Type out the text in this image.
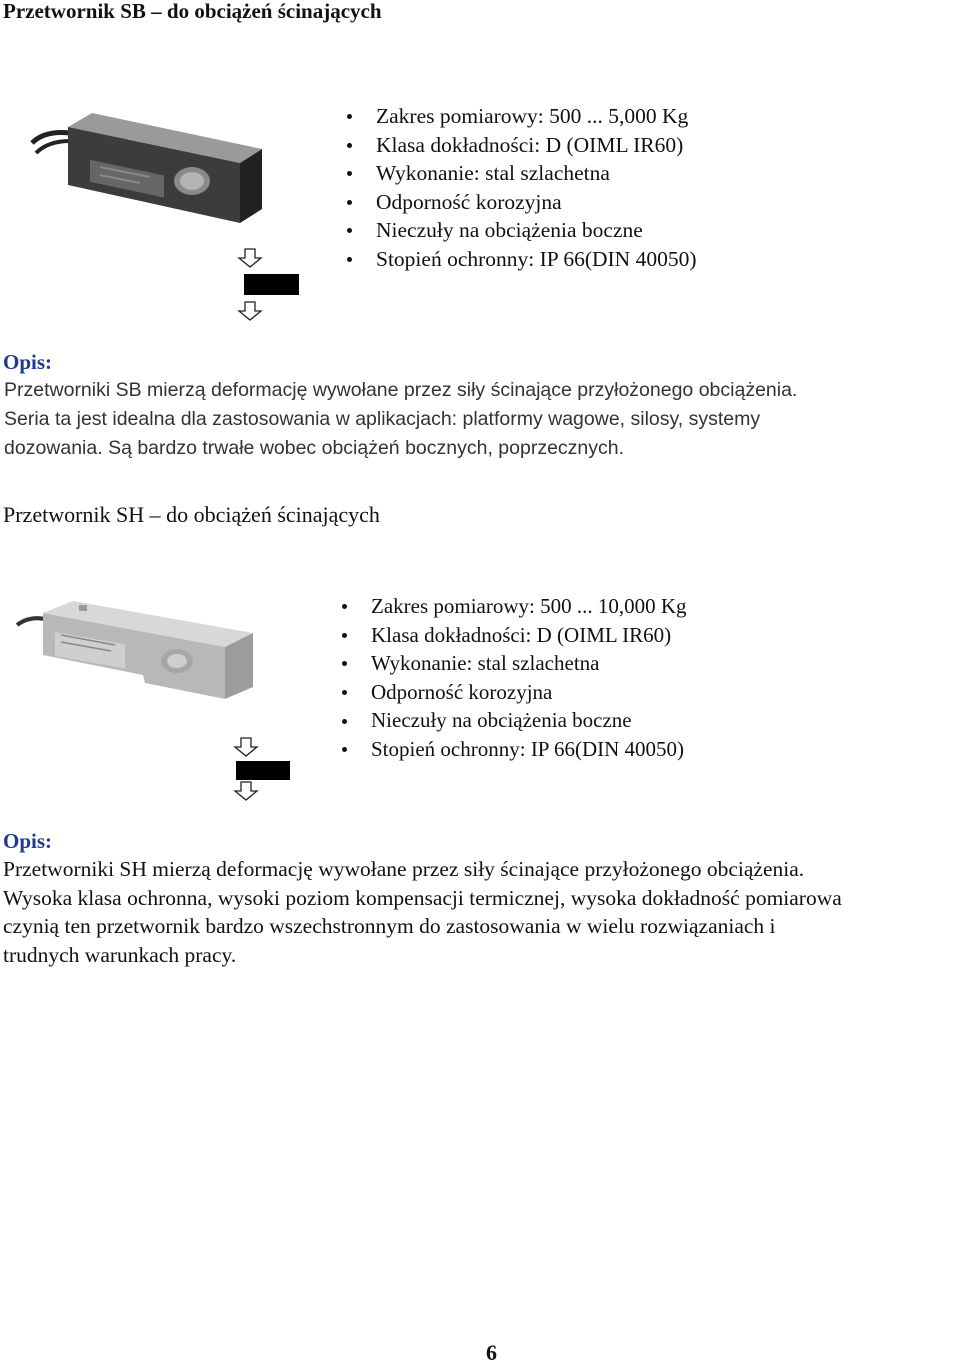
Przetwornik SB – do obciążeń ścinających
Zakres pomiarowy: 500 ... 5,000 Kg
Klasa dokładności: D (OIML IR60)
Wykonanie: stal szlachetna
Odporność korozyjna
Nieczuły na obciążenia boczne
Stopień ochronny: IP 66(DIN 40050)
Opis:
Przetworniki SB mierzą deformację wywołane przez siły ścinające przyłożonego obciążenia.
Seria ta jest idealna dla zastosowania w aplikacjach: platformy wagowe, silosy, systemy
dozowania. Są bardzo trwałe wobec obciążeń bocznych, poprzecznych.
Przetwornik SH – do obciążeń ścinających
Zakres pomiarowy: 500 ... 10,000 Kg
Klasa dokładności: D (OIML IR60)
Wykonanie: stal szlachetna
Odporność korozyjna
Nieczuły na obciążenia boczne
Stopień ochronny: IP 66(DIN 40050)
Opis:
Przetworniki SH mierzą deformację wywołane przez siły ścinające przyłożonego obciążenia.
Wysoka klasa ochronna, wysoki poziom kompensacji termicznej, wysoka dokładność pomiarowa
czynią ten przetwornik bardzo wszechstronnym do zastosowania w wielu rozwiązaniach i
trudnych warunkach pracy.
6
